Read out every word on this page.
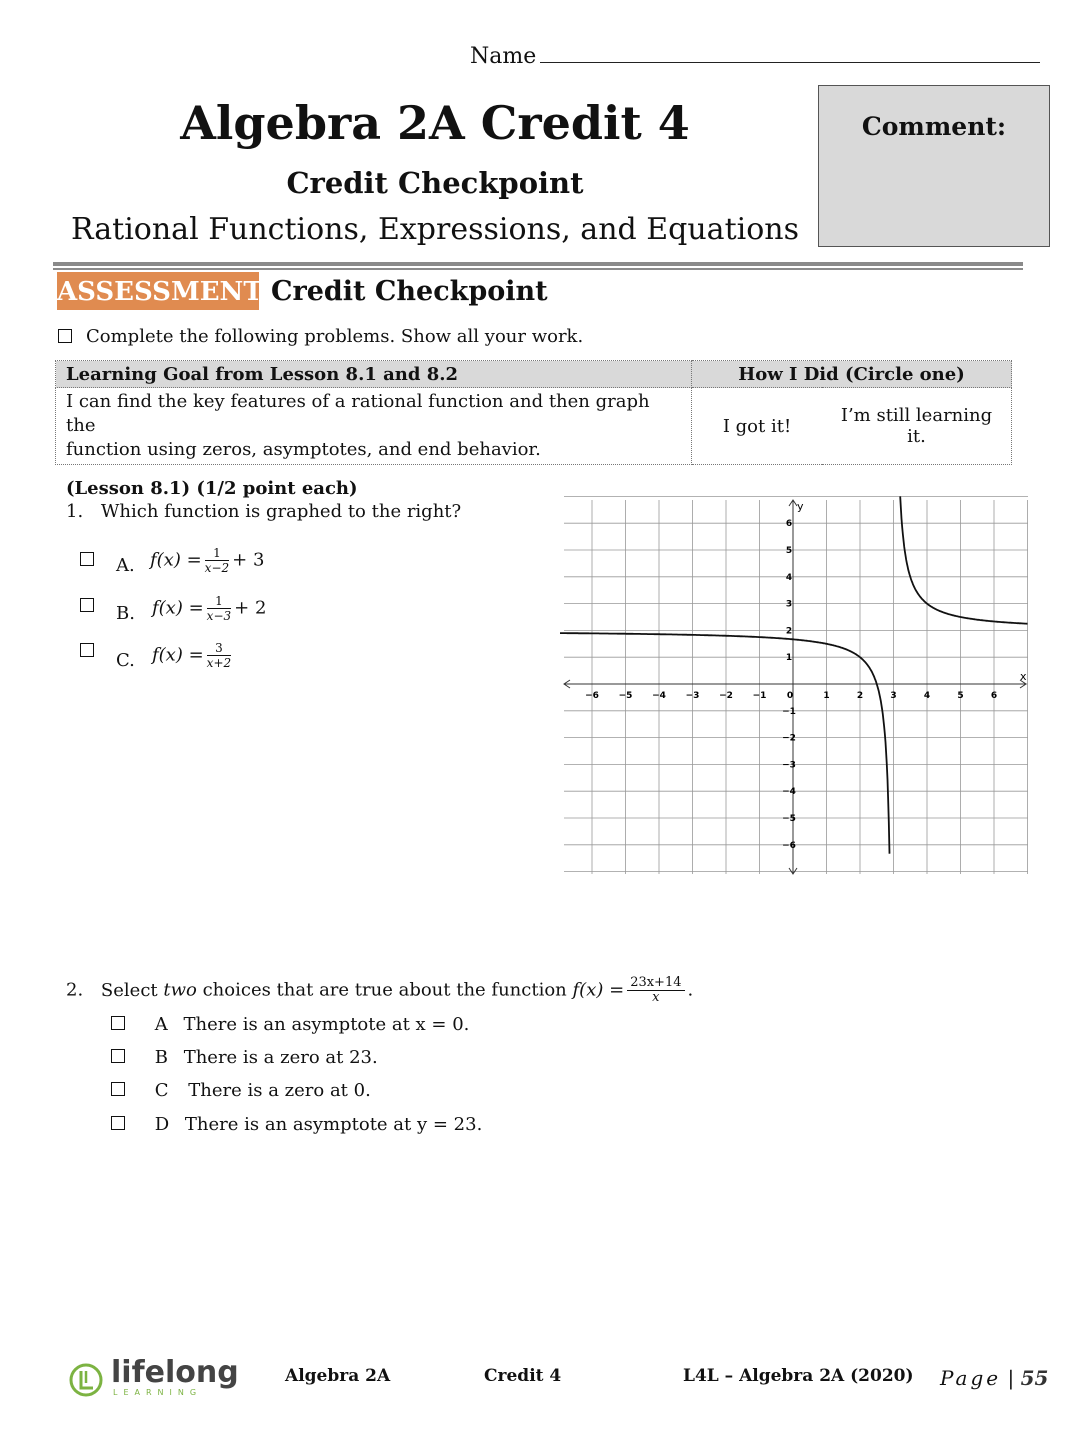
Name
Algebra 2A Credit 4
Credit Checkpoint
Rational Functions, Expressions, and Equations
Comment:
ASSESSMENT Credit Checkpoint
Complete the following problems. Show all your work.
Learning Goal from Lesson 8.1 and 8.2	How I Did (Circle one)	
I can find the key features of a rational function and then graph the
function using zeros, asymptotes, and end behavior.	I got it!	I’m still learning it.
(Lesson 8.1) (1/2 point each)
1. Which function is graphed to the right?
A. $f(x) = \frac{1}{x-2} + 3$
B. $f(x) = \frac{1}{x-3} + 2$
C. $f(x) = \frac{3}{x+2}$
−6 −5 −4 −3 −2 −1 0	1	2	3	4	5	6
6
5
4
3
2
1
−1
−2
−3
−4
−5
−6
x
y
2. Select two choices that are true about the function $f(x) = \frac{23x+14}{x}$ .
A There is an asymptote at x = 0.
B There is a zero at 23.
C There is a zero at 0.
D There is an asymptote at y = 23.
lifelong
LEARNING
Algebra 2A	Credit 4	L4L – Algebra 2A (2020) Page | 55
